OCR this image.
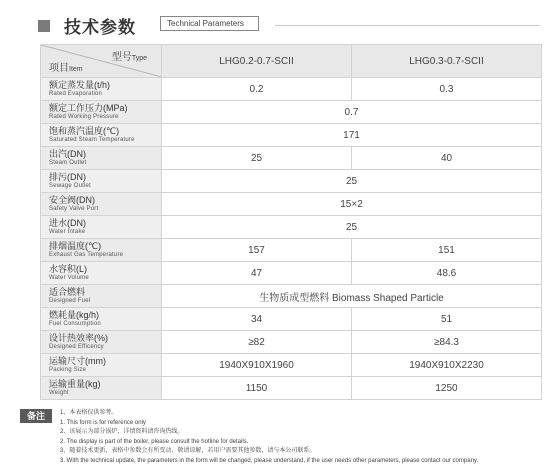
技术参数	Technical Parameters
型号Type
项目Item	LHG0.2-0.7-SCII	LHG0.3-0.7-SCII

额定蒸发量(t/h)
Rated Evaporation	0.2	0.3

额定工作压力(MPa)
Rated Working Pressure	0.7	

饱和蒸汽温度(℃)
Saturated Steam Temperature	171	

出汽(DN)
Steam Outlet	25	40

排污(DN)
Sewage Outlet	25	

安全阀(DN)
Safety Valve Port	15×2	

进水(DN)
Water Intake	25	

排烟温度(℃)
Exhaust Gas Temperature	157	151

水容积(L)
Water Volume	47	48.6

适合燃料
Designed Fuel	生物质成型燃料 Biomass Shaped Particle	

燃耗量(kg/h)
Fuel Consumption	34	51

设计热效率(%)
Designed Efficency	≥82	≥84.3

运输尺寸(mm)
Packing Size	1940X910X1960	1940X910X2230

运输重量(kg)
Weight	1150	1250
备注	1、本表格仅供参考。
1. This form is for reference only
2、该展示为部分锅炉，详情资料请咨询热线。
2. The display is part of the boiler, please consult the hotline for details.
3、随着技术更新，表格中参数会有所变动，敬请谅解，若用户需要其他参数，请与本公司联系。
3. With the technical update, the parameters in the form will be changed, please understand, if the user needs other parameters, please contact our company.
